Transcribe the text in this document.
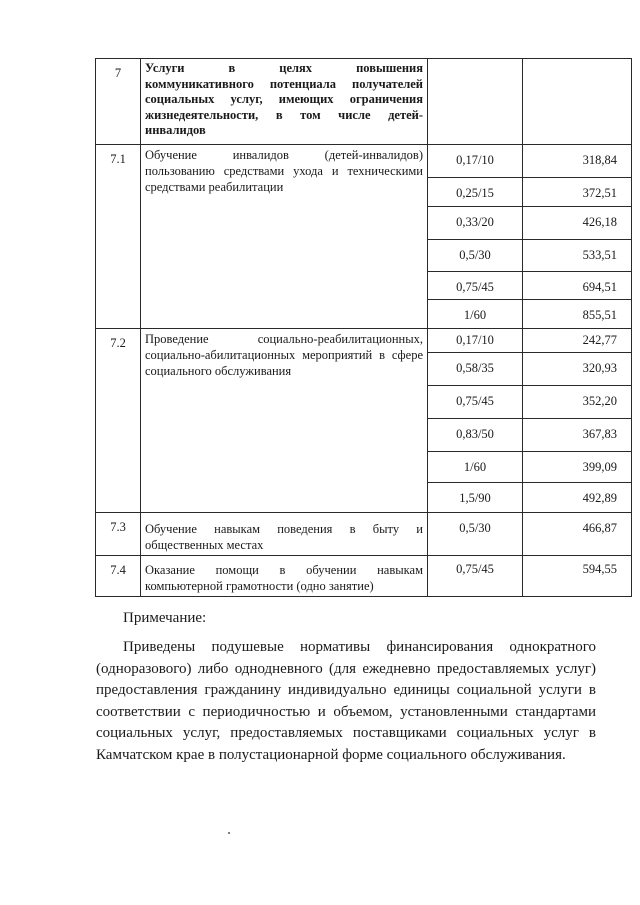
7	Услуги в целях повышения
коммуникативного потенциала получателей
социальных услуг, имеющих ограничения
жизнедеятельности, в том числе детей-
инвалидов		

7.1	Обучение инвалидов (детей-инвалидов) пользованию средствами ухода и техническими средствами реабилитации	0,17/10	318,84

		0,25/15	372,51

		0,33/20	426,18

		0,5/30	533,51

		0,75/45	694,51

		1/60	855,51

7.2	Проведение социально-реабилитационных, социально-абилитационных мероприятий в сфере социального обслуживания	0,17/10	242,77

		0,58/35	320,93

		0,75/45	352,20

		0,83/50	367,83

		1/60	399,09

		1,5/90	492,89

7.3	Обучение навыкам поведения в быту и общественных местах	0,5/30	466,87

7.4	Оказание помощи в обучении навыкам компьютерной грамотности (одно занятие)	0,75/45	594,55
Примечание:
Приведены подушевые нормативы финансирования однократного (одноразового) либо однодневного (для ежедневно предоставляемых услуг) предоставления гражданину индивидуально единицы социальной услуги в соответствии с периодичностью и объемом, установленными стандартами социальных услуг, предоставляемых поставщиками социальных услуг в Камчатском крае в полустационарной форме социального обслуживания.
